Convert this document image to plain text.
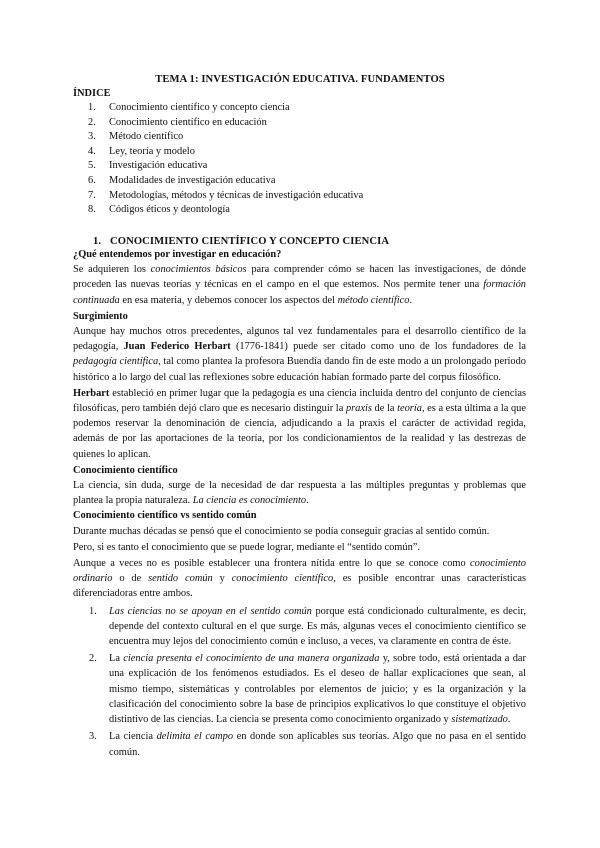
TEMA 1: INVESTIGACIÓN EDUCATIVA. FUNDAMENTOS
ÍNDICE
1.	Conocimiento científico y concepto ciencia
2.	Conocimiento científico en educación
3.	Método científico
4.	Ley, teoría y modelo
5.	Investigación educativa
6.	Modalidades de investigación educativa
7.	Metodologías, métodos y técnicas de investigación educativa
8.	Códigos éticos y deontología
1. CONOCIMIENTO CIENTÍFICO Y CONCEPTO CIENCIA

¿Qué entendemos por investigar en educación?

Se adquieren los conocimientos básicos para comprender cómo se hacen las investigaciones, de dónde proceden las nuevas teorías y técnicas en el campo en el que estemos. Nos permite tener una formación continuada en esa materia, y debemos conocer los aspectos del método científico.

Surgimiento

Aunque hay muchos otros precedentes, algunos tal vez fundamentales para el desarrollo científico de la pedagogía, Juan Federico Herbart (1776-1841) puede ser citado como uno de los fundadores de la pedagogía científica, tal como plantea la profesora Buendía dando fin de este modo a un prolongado período histórico a lo largo del cual las reflexiones sobre educación habían formado parte del corpus filosófico.

Herbart estableció en primer lugar que la pedagogía es una ciencia incluida dentro del conjunto de ciencias filosóficas, pero también dejó claro que es necesario distinguir la praxis de la teoría, es a esta última a la que podemos reservar la denominación de ciencia, adjudicando a la praxis el carácter de actividad regida, además de por las aportaciones de la teoría, por los condicionamientos de la realidad y las destrezas de quienes lo aplican.

Conocimiento científico

La ciencia, sin duda, surge de la necesidad de dar respuesta a las múltiples preguntas y problemas que plantea la propia naturaleza. La ciencia es conocimiento.

Conocimiento científico vs sentido común

Durante muchas décadas se pensó que el conocimiento se podía conseguir gracias al sentido común.

Pero, si es tanto el conocimiento que se puede lograr, mediante el “sentido común”.

Aunque a veces no es posible establecer una frontera nítida entre lo que se conoce como conocimiento ordinario o de sentido común y conocimiento científico, es posible encontrar unas características diferenciadoras entre ambos.

1.	Las ciencias no se apoyan en el sentido común porque está condicionado culturalmente, es decir, depende del contexto cultural en el que surge. Es más, algunas veces el conocimiento científico se encuentra muy lejos del conocimiento común e incluso, a veces, va claramente en contra de éste.
2.	La ciencia presenta el conocimiento de una manera organizada y, sobre todo, está orientada a dar una explicación de los fenómenos estudiados. Es el deseo de hallar explicaciones que sean, al mismo tiempo, sistemáticas y controlables por elementos de juicio; y es la organización y la clasificación del conocimiento sobre la base de principios explicativos lo que constituye el objetivo distintivo de las ciencias. La ciencia se presenta como conocimiento organizado y sistematizado.
3.	La ciencia delimita el campo en donde son aplicables sus teorías. Algo que no pasa en el sentido común.
